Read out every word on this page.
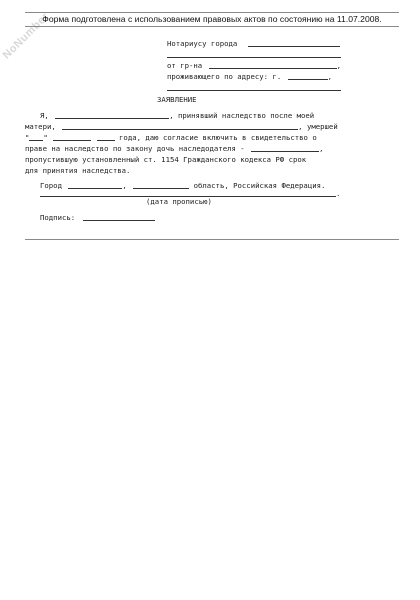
NoNumber
Форма подготовлена с использованием правовых актов по состоянию на 11.07.2008.
Нотариусу города
от гр-на	,
проживающего по адресу: г.	,
ЗАЯВЛЕНИЕ
Я,	, принявший наследство после моей
матери,	, умершей
" "	года, даю согласие включить в свидетельство о
праве на наследство по закону дочь наследодателя -	,
пропустившую установленный ст. 1154 Гражданского кодекса РФ срок
для принятия наследства.
Город	,	область, Российская Федерация.
.
(дата прописью)
Подпись:
